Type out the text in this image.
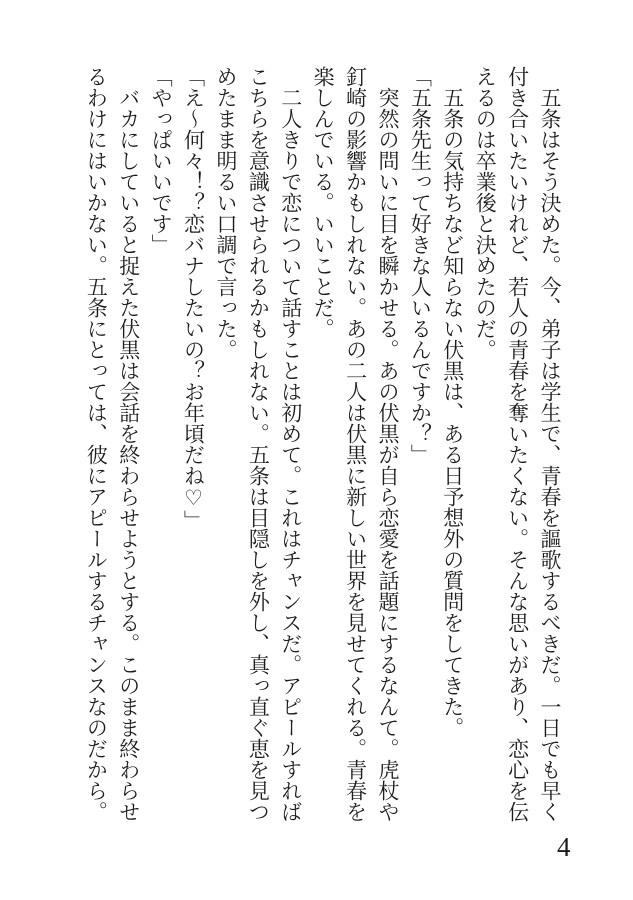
五条はそう決めた。今、弟子は学生で、青春を謳歌するべきだ。一日でも早く
付き合いたいけれど、若人の青春を奪いたくない。そんな思いがあり、恋心を伝
えるのは卒業後と決めたのだ。
五条の気持ちなど知らない伏黒は、ある日予想外の質問をしてきた。
「五条先生って好きな人いるんですか？」
突然の問いに目を瞬かせる。あの伏黒が自ら恋愛を話題にするなんて。虎杖や
釘崎の影響かもしれない。あの二人は伏黒に新しい世界を見せてくれる。青春を
楽しんでいる。いいことだ。
二人きりで恋について話すことは初めて。これはチャンスだ。アピールすれば
こちらを意識させられるかもしれない。五条は目隠しを外し、真っ直ぐ恵を見つ
めたまま明るい口調で言った。
「え〜何々！？恋バナしたいの？お年頃だね♡」
「やっぱいいです」
バカにしていると捉えた伏黒は会話を終わらせようとする。このまま終わらせ
るわけにはいかない。五条にとっては、彼にアピールするチャンスなのだから。
4
